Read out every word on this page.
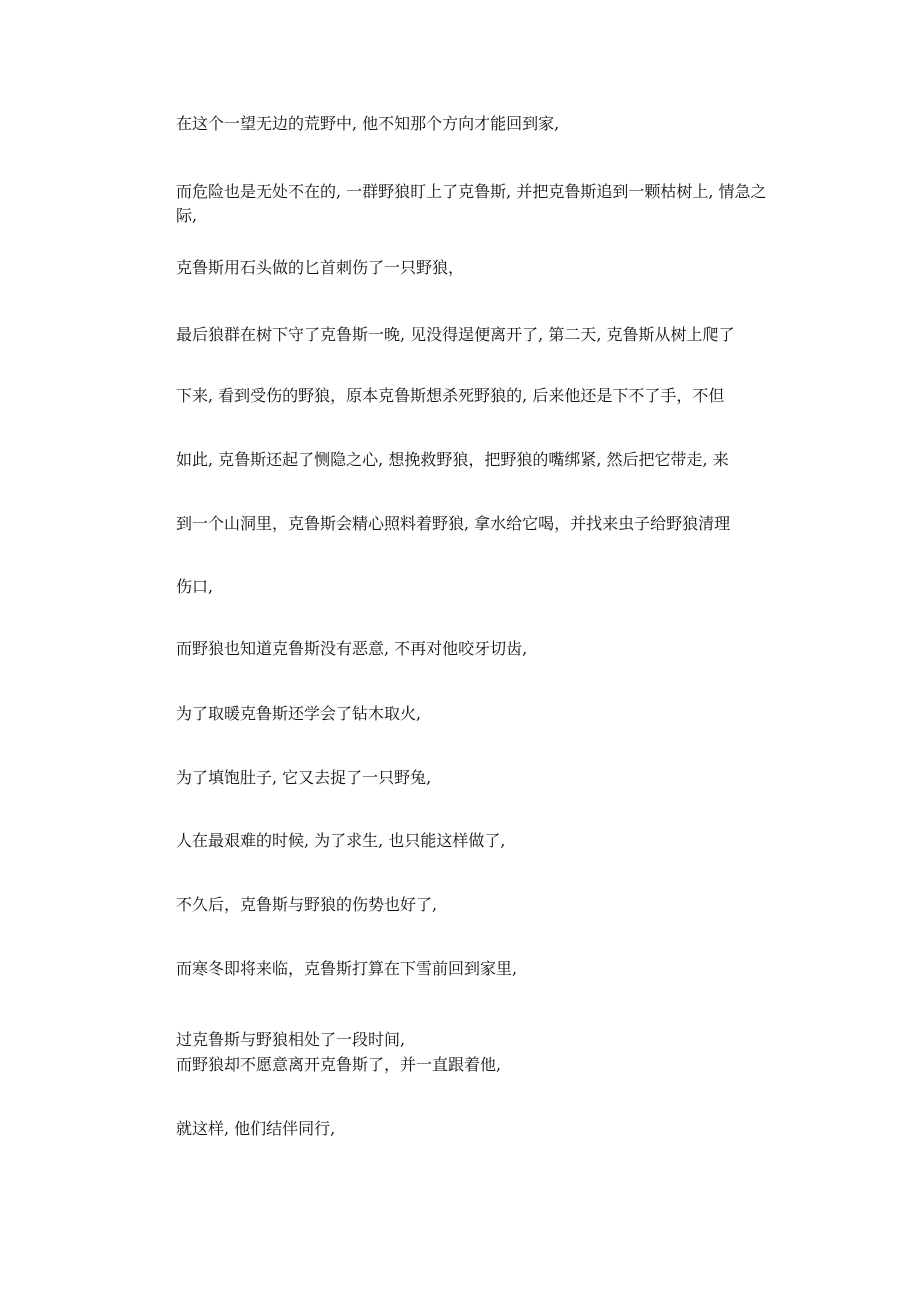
在这个一望无边的荒野中, 他不知那个方向才能回到家,
而危险也是无处不在的, 一群野狼盯上了克鲁斯, 并把克鲁斯追到一颗枯树上, 情急之际,
克鲁斯用石头做的匕首刺伤了一只野狼，
最后狼群在树下守了克鲁斯一晚, 见没得逞便离开了, 第二天, 克鲁斯从树上爬了
下来, 看到受伤的野狼，原本克鲁斯想杀死野狼的, 后来他还是下不了手，不但
如此, 克鲁斯还起了恻隐之心, 想挽救野狼，把野狼的嘴绑紧, 然后把它带走, 来
到一个山洞里，克鲁斯会精心照料着野狼, 拿水给它喝，并找来虫子给野狼清理
伤口,
而野狼也知道克鲁斯没有恶意, 不再对他咬牙切齿,
为了取暖克鲁斯还学会了钻木取火,
为了填饱肚子, 它又去捉了一只野兔,
人在最艰难的时候, 为了求生, 也只能这样做了,
不久后，克鲁斯与野狼的伤势也好了,
而寒冬即将来临，克鲁斯打算在下雪前回到家里,
过克鲁斯与野狼相处了一段时间,
而野狼却不愿意离开克鲁斯了，并一直跟着他,
就这样, 他们结伴同行,
